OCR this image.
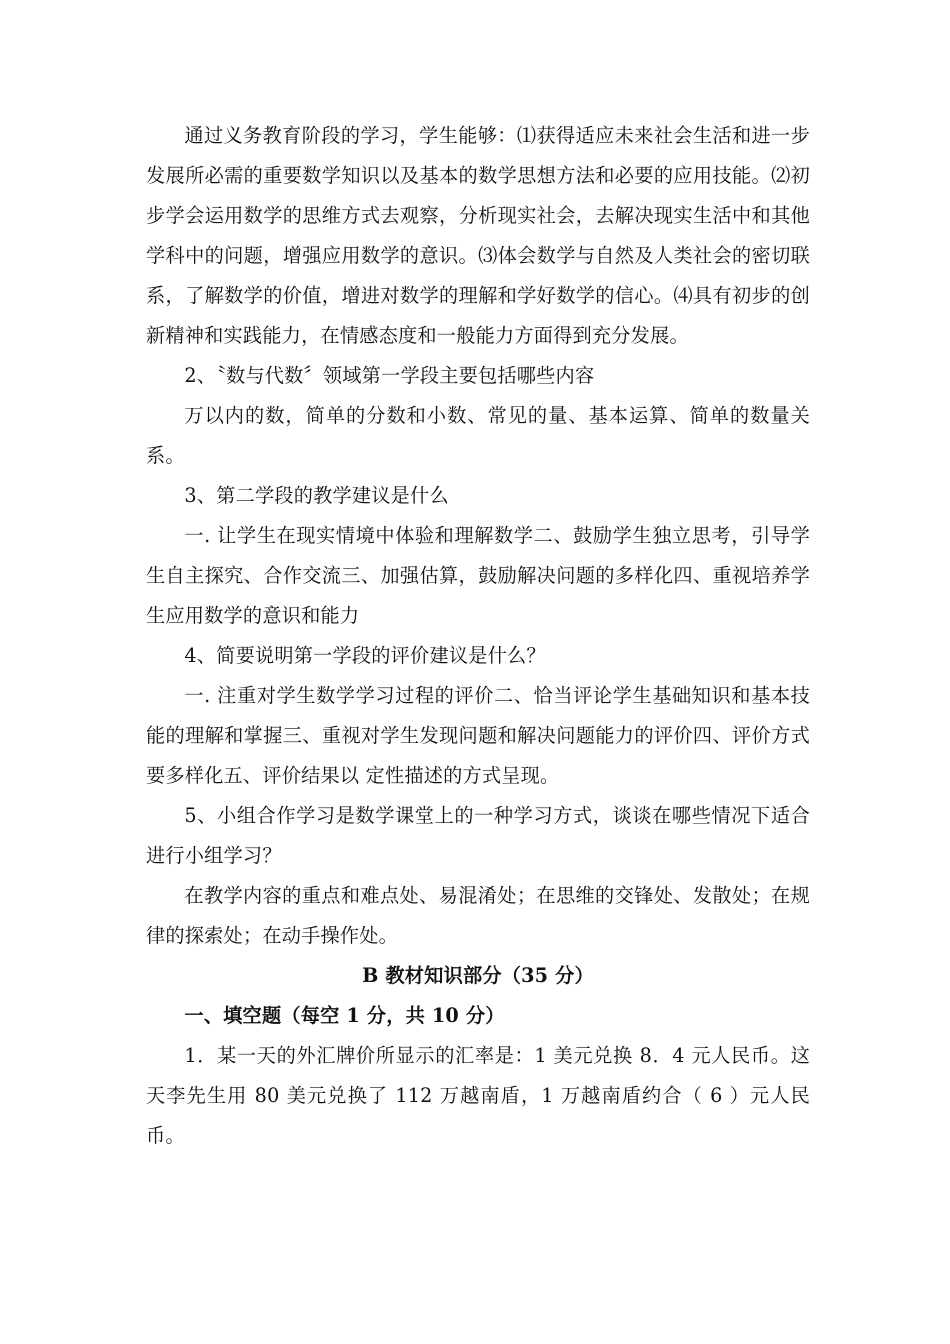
通过义务教育阶段的学习，学生能够：⑴获得适应未来社会生活和进一步发展所必需的重要数学知识以及基本的数学思想方法和必要的应用技能。⑵初步学会运用数学的思维方式去观察，分析现实社会，去解决现实生活中和其他学科中的问题，增强应用数学的意识。⑶体会数学与自然及人类社会的密切联系，了解数学的价值，增进对数学的理解和学好数学的信心。⑷具有初步的创新精神和实践能力，在情感态度和一般能力方面得到充分发展。

2、〝数与代数〞领域第一学段主要包括哪些内容

万以内的数，简单的分数和小数、常见的量、基本运算、简单的数量关系。

3、第二学段的教学建议是什么

一. 让学生在现实情境中体验和理解数学二、鼓励学生独立思考，引导学生自主探究、合作交流三、加强估算，鼓励解决问题的多样化四、重视培养学生应用数学的意识和能力

4、简要说明第一学段的评价建议是什么？

一. 注重对学生数学学习过程的评价二、恰当评论学生基础知识和基本技能的理解和掌握三、重视对学生发现问题和解决问题能力的评价四、评价方式要多样化五、评价结果以 定性描述的方式呈现。

5、小组合作学习是数学课堂上的一种学习方式，谈谈在哪些情况下适合进行小组学习？

在教学内容的重点和难点处、易混淆处；在思维的交锋处、发散处；在规律的探索处；在动手操作处。

B 教材知识部分（35 分）

一、填空题（每空 1 分，共 10 分）

1．某一天的外汇牌价所显示的汇率是：1 美元兑换 8．4 元人民币。这天李先生用 80 美元兑换了 112 万越南盾，1 万越南盾约合（ 6 ）元人民币。
